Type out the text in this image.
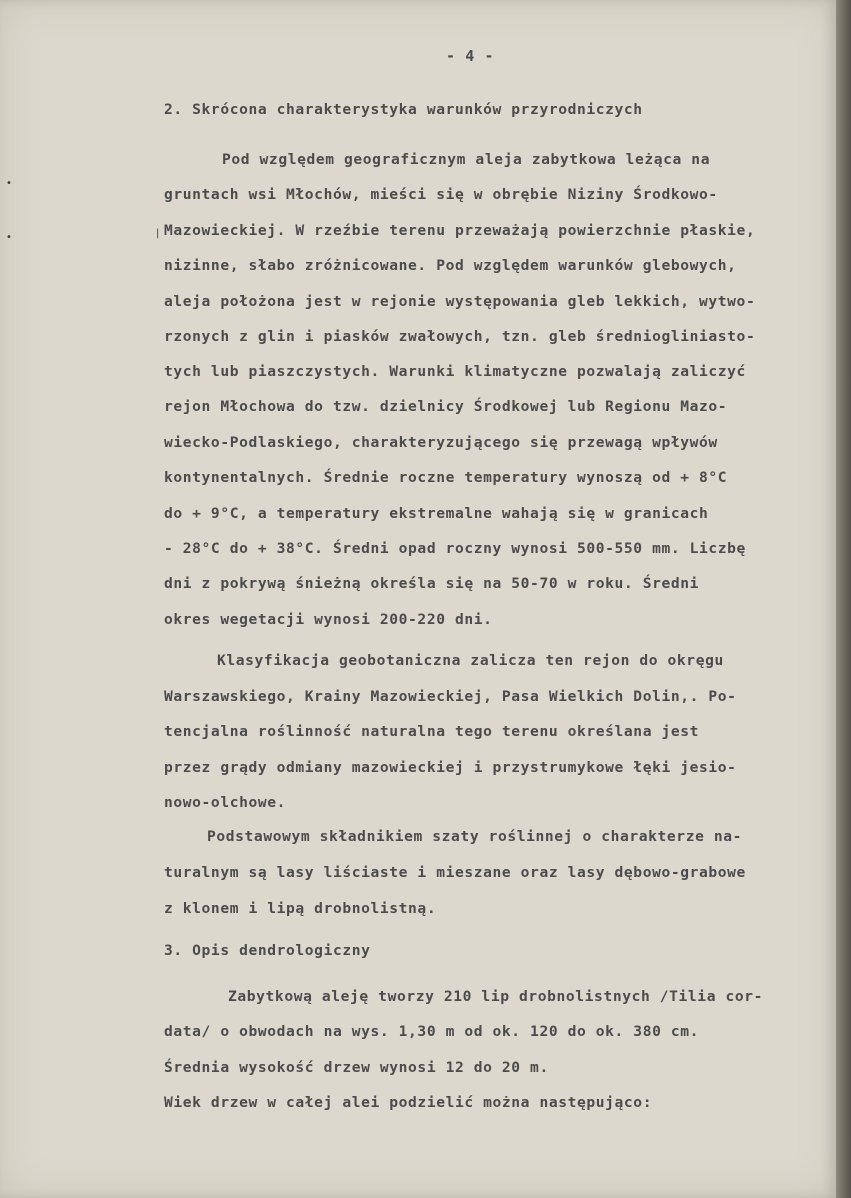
- 4 -

2. Skrócona charakterystyka warunków przyrodniczych

Pod względem geograficznym aleja zabytkowa leżąca na

gruntach wsi Młochów, mieści się w obrębie Niziny Środkowo-

Mazowieckiej. W rzeźbie terenu przeważają powierzchnie płaskie,

nizinne, słabo zróżnicowane. Pod względem warunków glebowych,

aleja położona jest w rejonie występowania gleb lekkich, wytwo-

rzonych z glin i piasków zwałowych, tzn. gleb średniogliniasto-

tych lub piaszczystych. Warunki klimatyczne pozwalają zaliczyć

rejon Młochowa do tzw. dzielnicy Środkowej lub Regionu Mazo-

wiecko-Podlaskiego, charakteryzującego się przewagą wpływów

kontynentalnych. Średnie roczne temperatury wynoszą od + 8°C

do + 9°C, a temperatury ekstremalne wahają się w granicach

- 28°C do + 38°C. Średni opad roczny wynosi 500-550 mm. Liczbę

dni z pokrywą śnieżną określa się na 50-70 w roku. Średni

okres wegetacji wynosi 200-220 dni.

Klasyfikacja geobotaniczna zalicza ten rejon do okręgu

Warszawskiego, Krainy Mazowieckiej, Pasa Wielkich Dolin,. Po-

tencjalna roślinność naturalna tego terenu określana jest

przez grądy odmiany mazowieckiej i przystrumykowe łęki jesio-

nowo-olchowe.

Podstawowym składnikiem szaty roślinnej o charakterze na-

turalnym są lasy liściaste i mieszane oraz lasy dębowo-grabowe

z klonem i lipą drobnolistną.

3. Opis dendrologiczny

Zabytkową aleję tworzy 210 lip drobnolistnych /Tilia cor-

data/ o obwodach na wys. 1,30 m od ok. 120 do ok. 380 cm.

Średnia wysokość drzew wynosi 12 do 20 m.

Wiek drzew w całej alei podzielić można następująco:

•
•	|
